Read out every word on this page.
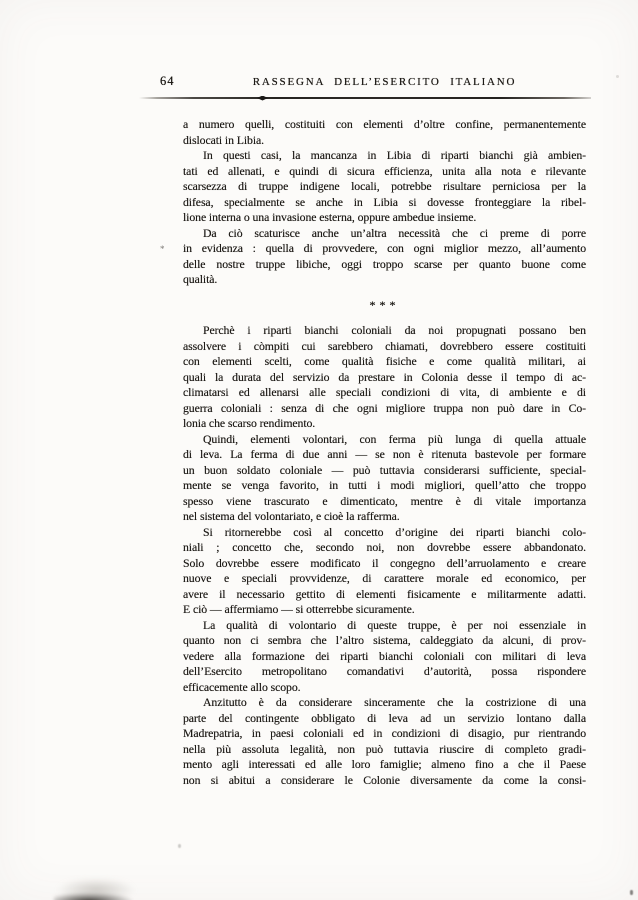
64	RASSEGNA DELL’ESERCITO ITALIANO
*
a numero quelli, costituiti con elementi d’oltre confine, permanentemente
dislocati in Libia.
In questi casi, la mancanza in Libia di riparti bianchi già ambien-
tati ed allenati, e quindi di sicura efficienza, unita alla nota e rilevante
scarsezza di truppe indigene locali, potrebbe risultare perniciosa per la
difesa, specialmente se anche in Libia si dovesse fronteggiare la ribel-
lione interna o una invasione esterna, oppure ambedue insieme.
Da ciò scaturisce anche un’altra necessità che ci preme di porre
in evidenza : quella di provvedere, con ogni miglior mezzo, all’aumento
delle nostre truppe libiche, oggi troppo scarse per quanto buone come
qualità.
***
Perchè i riparti bianchi coloniali da noi propugnati possano ben
assolvere i còmpiti cui sarebbero chiamati, dovrebbero essere costituiti
con elementi scelti, come qualità fisiche e come qualità militari, ai
quali la durata del servizio da prestare in Colonia desse il tempo di ac-
climatarsi ed allenarsi alle speciali condizioni di vita, di ambiente e di
guerra coloniali : senza di che ogni migliore truppa non può dare in Co-
lonia che scarso rendimento.
Quindi, elementi volontari, con ferma più lunga di quella attuale
di leva. La ferma di due anni — se non è ritenuta bastevole per formare
un buon soldato coloniale — può tuttavia considerarsi sufficiente, special-
mente se venga favorito, in tutti i modi migliori, quell’atto che troppo
spesso viene trascurato e dimenticato, mentre è di vitale importanza
nel sistema del volontariato, e cioè la rafferma.
Si ritornerebbe così al concetto d’origine dei riparti bianchi colo-
niali ; concetto che, secondo noi, non dovrebbe essere abbandonato.
Solo dovrebbe essere modificato il congegno dell’arruolamento e creare
nuove e speciali provvidenze, di carattere morale ed economico, per
avere il necessario gettito di elementi fisicamente e militarmente adatti.
E ciò — affermiamo — si otterrebbe sicuramente.
La qualità di volontario di queste truppe, è per noi essenziale in
quanto non ci sembra che l’altro sistema, caldeggiato da alcuni, di prov-
vedere alla formazione dei riparti bianchi coloniali con militari di leva
dell’Esercito metropolitano comandativi d’autorità, possa rispondere
efficacemente allo scopo.
Anzitutto è da considerare sinceramente che la costrizione di una
parte del contingente obbligato di leva ad un servizio lontano dalla
Madrepatria, in paesi coloniali ed in condizioni di disagio, pur rientrando
nella più assoluta legalità, non può tuttavia riuscire di completo gradi-
mento agli interessati ed alle loro famiglie; almeno fino a che il Paese
non si abitui a considerare le Colonie diversamente da come la consi-
